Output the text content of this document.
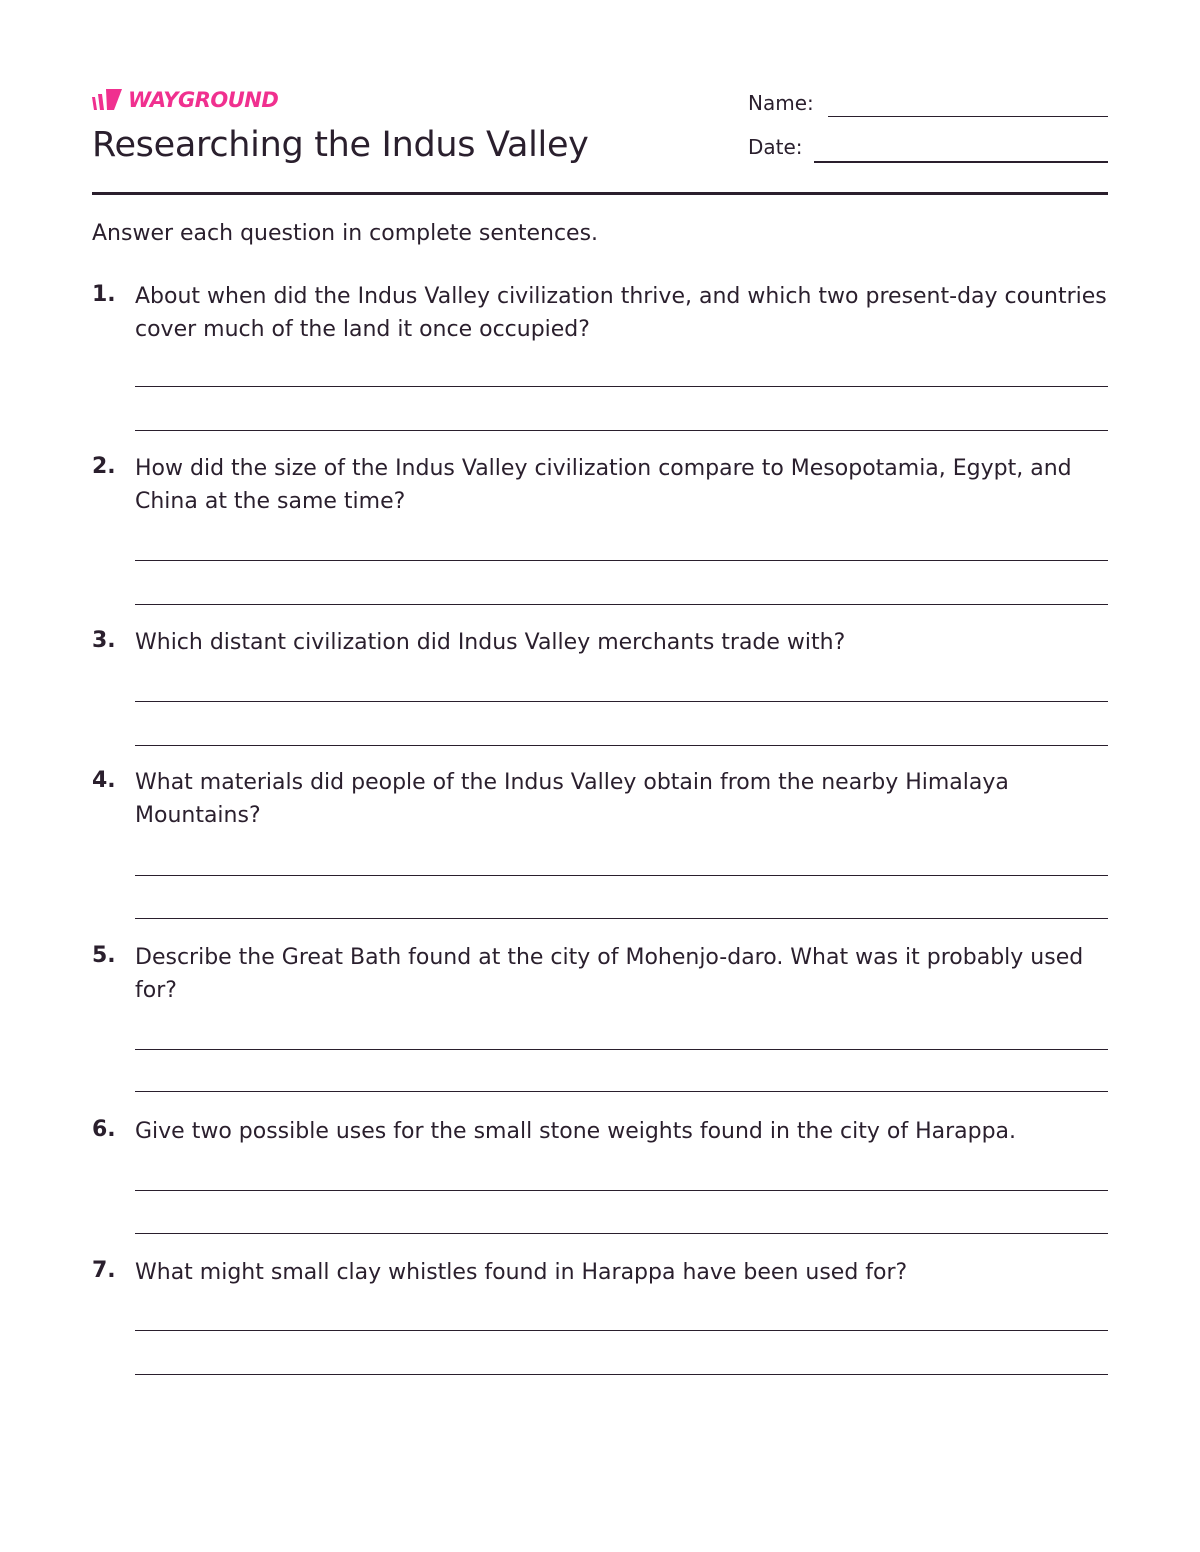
WAYGROUND
Researching the Indus Valley
Name:
Date:

Answer each question in complete sentences.

1. About when did the Indus Valley civilization thrive, and which two present-day countries cover much of the land it once occupied?

2. How did the size of the Indus Valley civilization compare to Mesopotamia, Egypt, and China at the same time?

3. Which distant civilization did Indus Valley merchants trade with?

4. What materials did people of the Indus Valley obtain from the nearby Himalaya Mountains?

5. Describe the Great Bath found at the city of Mohenjo-daro. What was it probably used for?

6. Give two possible uses for the small stone weights found in the city of Harappa.

7. What might small clay whistles found in Harappa have been used for?
